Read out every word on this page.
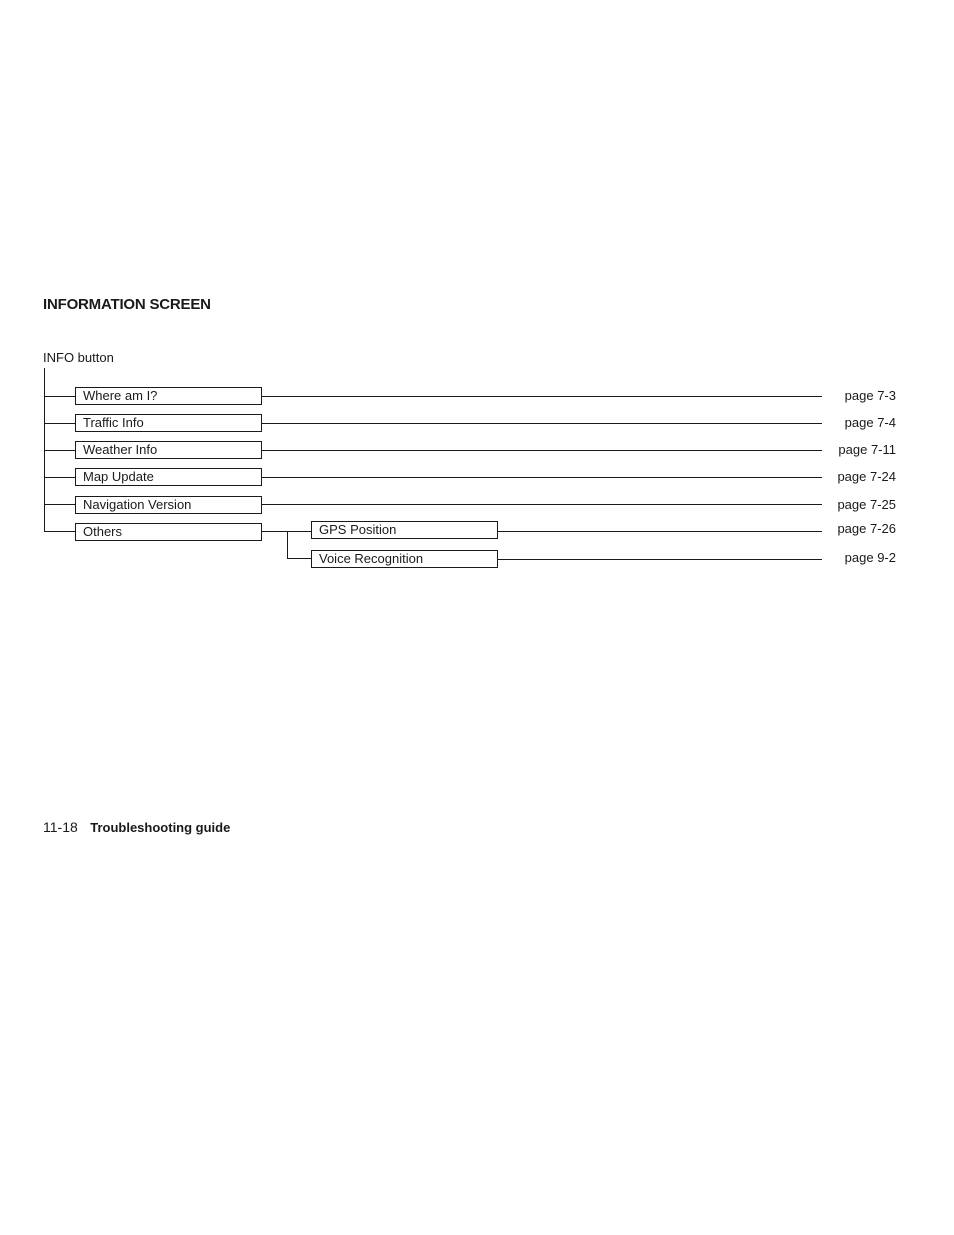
INFORMATION SCREEN
INFO button
Where am I?	page 7-3
Traffic Info	page 7-4
Weather Info	page 7-11
Map Update	page 7-24
Navigation Version	page 7-25
Others	GPS Position	page 7-26
Voice Recognition	page 9-2
11-18 Troubleshooting guide
